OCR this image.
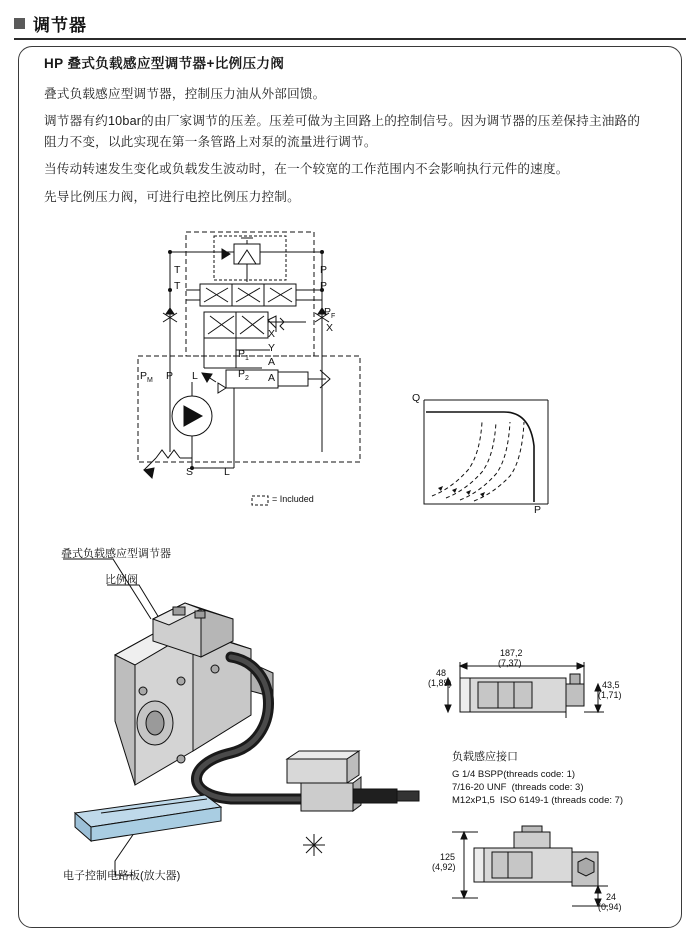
调节器
HP 叠式负载感应型调节器+比例压力阀

叠式负载感应型调节器，控制压力油从外部回馈。

调节器有约10bar的由厂家调节的压差。压差可做为主回路上的控制信号。因为调节器的压差保持主油路的阻力不变，以此实现在第一条管路上对泵的流量进行调节。

当传动转速发生变化或负载发生波动时，在一个较宽的工作范围内不会影响执行元件的速度。

先导比例压力阀，可进行电控比例压力控制。

T
T
P
P
$P_F$
X
X
Y
$P_1$
$P_2$
A
A
$P_M$ P L
L
S
= Included
Q
P
叠式负载感应型调节器
比例阀
电子控制电路板(放大器)
187,2
(7,37)
48
(1,89)	43,5
(1,71)
负载感应接口
G 1/4 BSPP(threads code: 1)
7/16-20 UNF  (threads code: 3)
M12xP1,5  ISO 6149-1 (threads code: 7)
125
(4,92)
24
(0,94)
